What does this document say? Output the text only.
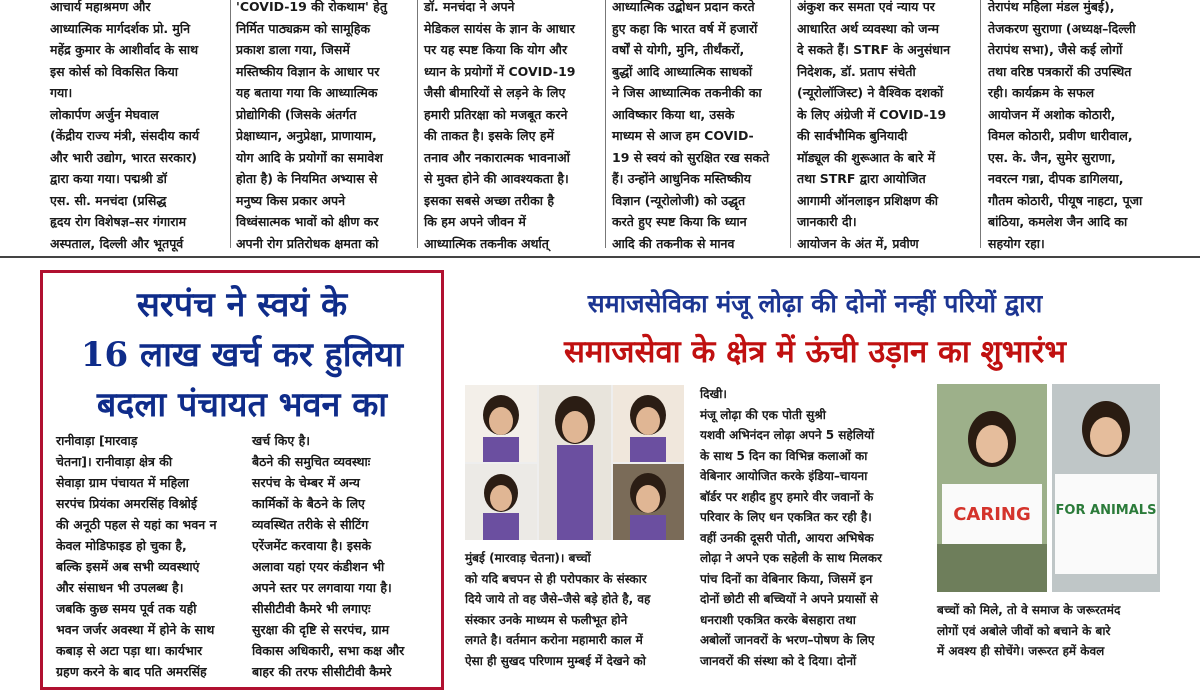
आचार्य महाश्रमण और

आध्यात्मिक मार्गदर्शक प्रो. मुनि

महेंद्र कुमार के आशीर्वाद के साथ

इस कोर्स को विकसित किया

गया।

लोकार्पण अर्जुन मेघवाल

(केंद्रीय राज्य मंत्री, संसदीय कार्य

और भारी उद्योग, भारत सरकार)

द्वारा कया गया। पद्मश्री डॉ

एस. सी. मनचंदा (प्रसिद्ध

हृदय रोग विशेषज्ञ–सर गंगाराम

अस्पताल, दिल्ली और भूतपूर्व

'COVID-19 की रोकथाम' हेतु

निर्मित पाठ्यक्रम को सामूहिक

प्रकाश डाला गया, जिसमें

मस्तिष्कीय विज्ञान के आधार पर

यह बताया गया कि आध्यात्मिक

प्रोद्योगिकी (जिसके अंतर्गत

प्रेक्षाध्यान, अनुप्रेक्षा, प्राणायाम,

योग आदि के प्रयोगों का समावेश

होता है) के नियमित अभ्यास से

मनुष्य किस प्रकार अपने

विध्वंसात्मक भावों को क्षीण कर

अपनी रोग प्रतिरोधक क्षमता को

डॉ. मनचंदा ने अपने

मेडिकल सायंस के ज्ञान के आधार

पर यह स्पष्ट किया कि योग और

ध्यान के प्रयोगों में COVID-19

जैसी बीमारियों से लड़ने के लिए

हमारी प्रतिरक्षा को मजबूत करने

की ताकत है। इसके लिए हमें

तनाव और नकारात्मक भावनाओं

से मुक्त होने की आवश्यकता है।

इसका सबसे अच्छा तरीका है

कि हम अपने जीवन में

आध्यात्मिक तकनीक अर्थात्

आध्यात्मिक उद्बोधन प्रदान करते

हुए कहा कि भारत वर्ष में हजारों

वर्षों से योगी, मुनि, तीर्थंकरों,

बुद्धों आदि आध्यात्मिक साधकों

ने जिस आध्यात्मिक तकनीकी का

आविष्कार किया था, उसके

माध्यम से आज हम COVID-

19 से स्वयं को सुरक्षित रख सकते

हैं। उन्होंने आधुनिक मस्तिष्कीय

विज्ञान (न्यूरोलोजी) को उद्धृत

करते हुए स्पष्ट किया कि ध्यान

आदि की तकनीक से मानव

अंकुश कर समता एवं न्याय पर

आधारित अर्थ व्यवस्था को जन्म

दे सकते हैं। STRF के अनुसंधान

निदेशक, डॉ. प्रताप संचेती

(न्यूरोलॉजिस्ट) ने वैश्विक दशकों

के लिए अंग्रेजी में COVID-19

की सार्वभौमिक बुनियादी

मॉड्यूल की शुरूआत के बारे में

तथा STRF द्वारा आयोजित

आगामी ऑनलाइन प्रशिक्षण की

जानकारी दी।

आयोजन के अंत में, प्रवीण

तेरापंथ महिला मंडल मुंबई),

तेजकरण सुराणा (अध्यक्ष–दिल्ली

तेरापंथ सभा), जैसे कई लोगों

तथा वरिष्ठ पत्रकारों की उपस्थित

रही। कार्यक्रम के सफल

आयोजन में अशोक कोठारी,

विमल कोठारी, प्रवीण धारीवाल,

एस. के. जैन, सुमेर सुराणा,

नवरत्न गन्ना, दीपक डागिलया,

गौतम कोठारी, पीयूष नाहटा, पूजा

बांठिया, कमलेश जैन आदि का

सहयोग रहा।

सरपंच ने स्वयं के
16 लाख खर्च कर हुलिया
बदला पंचायत भवन का

रानीवाड़ा [मारवाड़

चेतना]। रानीवाड़ा क्षेत्र की

सेवाड़ा ग्राम पंचायत में महिला

सरपंच प्रियंका अमरसिंह विश्नोई

की अनूठी पहल से यहां का भवन न

केवल मोडिफाइड हो चुका है,

बल्कि इसमें अब सभी व्यवस्थाएं

और संसाधन भी उपलब्ध है।

जबकि कुछ समय पूर्व तक यही

भवन जर्जर अवस्था में होने के साथ

कबाड़ से अटा पड़ा था। कार्यभार

ग्रहण करने के बाद पति अमरसिंह

खर्च किए है।

बैठने की समुचित व्यवस्थाः

सरपंच के चेम्बर में अन्य

कार्मिकों के बैठने के लिए

व्यवस्थित तरीके से सीटिंग

एरेंजमेंट करवाया है। इसके

अलावा यहां एयर कंडीशन भी

अपने स्तर पर लगवाया गया है।

सीसीटीवी कैमरे भी लगाएः

सुरक्षा की दृष्टि से सरपंच, ग्राम

विकास अधिकारी, सभा कक्ष और

बाहर की तरफ सीसीटीवी कैमरे

समाजसेविका मंजू लोढ़ा की दोनों नन्हीं परियों द्वारा
समाजसेवा के क्षेत्र में ऊंची उड़ान का शुभारंभ

मुंबई (मारवाड़ चेतना)। बच्चों

को यदि बचपन से ही परोपकार के संस्कार

दिये जाये तो वह जैसे–जैसे बड़े होते है, वह

संस्कार उनके माध्यम से फलीभूत होने

लगते है। वर्तमान करोना महामारी काल में

ऐसा ही सुखद परिणाम मुम्बई में देखने को

दिखी।

मंजू लोढ़ा की एक पोती सुश्री

यशवी अभिनंदन लोढ़ा अपने 5 सहेलियों

के साथ 5 दिन का विभिन्न कलाओं का

वेबिनार आयोजित करके इंडिया–चायना

बॉर्डर पर शहीद हुए हमारे वीर जवानों के

परिवार के लिए धन एकत्रित कर रही है।

वहीं उनकी दूसरी पोती, आयरा अभिषेक

लोढ़ा ने अपने एक सहेली के साथ मिलकर

पांच दिनों का वेबिनार किया, जिसमें इन

दोनों छोटी सी बच्चियों ने अपने प्रयासों से

धनराशी एकत्रित करके बेसहारा तथा

अबोलों जानवरों के भरण–पोषण के लिए

जानवरों की संस्था को दे दिया। दोनों

CARING FOR ANIMALS

बच्चों को मिले, तो वे समाज के जरूरतमंद

लोगों एवं अबोले जीवों को बचाने के बारे

में अवश्य ही सोचेंगे। जरूरत हमें केवल
